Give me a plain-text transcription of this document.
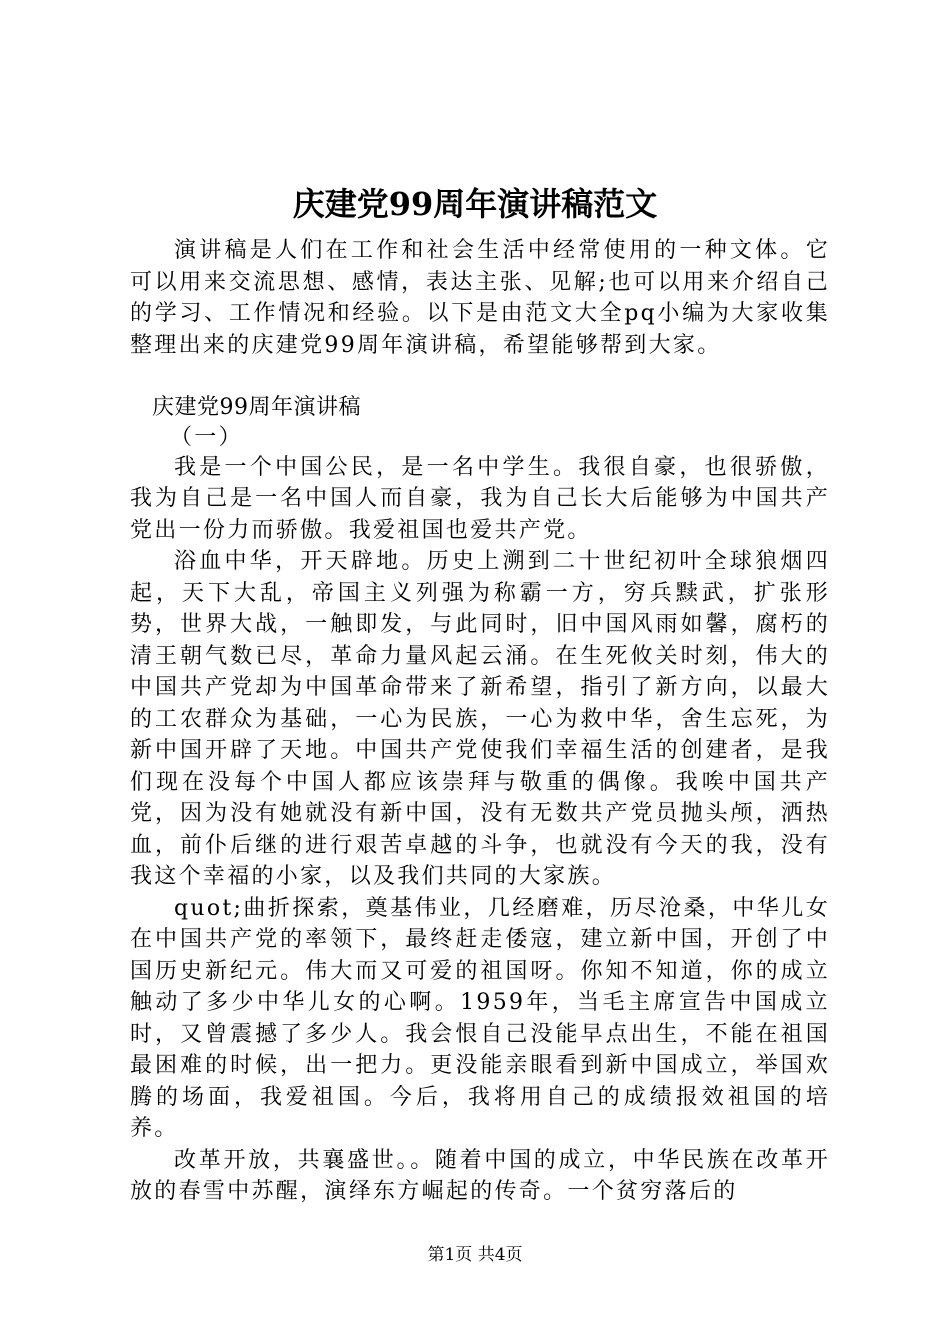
庆建党99周年演讲稿范文

演讲稿是人们在工作和社会生活中经常使用的一种文体。它可以用来交流思想、感情，表达主张、见解;也可以用来介绍自己的学习、工作情况和经验。以下是由范文大全pq小编为大家收集整理出来的庆建党99周年演讲稿，希望能够帮到大家。

庆建党99周年演讲稿

（一）

我是一个中国公民，是一名中学生。我很自豪，也很骄傲，我为自己是一名中国人而自豪，我为自己长大后能够为中国共产党出一份力而骄傲。我爱祖国也爱共产党。

浴血中华，开天辟地。历史上溯到二十世纪初叶全球狼烟四起，天下大乱，帝国主义列强为称霸一方，穷兵黩武，扩张形势，世界大战，一触即发，与此同时，旧中国风雨如馨，腐朽的清王朝气数已尽，革命力量风起云涌。在生死攸关时刻，伟大的中国共产党却为中国革命带来了新希望，指引了新方向，以最大的工农群众为基础，一心为民族，一心为救中华，舍生忘死，为新中国开辟了天地。中国共产党使我们幸福生活的创建者，是我们现在没每个中国人都应该崇拜与敬重的偶像。我唉中国共产党，因为没有她就没有新中国，没有无数共产党员抛头颅，洒热血，前仆后继的进行艰苦卓越的斗争，也就没有今天的我，没有我这个幸福的小家，以及我们共同的大家族。

quot;曲折探索，奠基伟业，几经磨难，历尽沧桑，中华儿女在中国共产党的率领下，最终赶走倭寇，建立新中国，开创了中国历史新纪元。伟大而又可爱的祖国呀。你知不知道，你的成立触动了多少中华儿女的心啊。1959年，当毛主席宣告中国成立时，又曾震撼了多少人。我会恨自己没能早点出生，不能在祖国最困难的时候，出一把力。更没能亲眼看到新中国成立，举国欢腾的场面，我爱祖国。今后，我将用自己的成绩报效祖国的培养。

改革开放，共襄盛世。。随着中国的成立，中华民族在改革开放的春雪中苏醒，演绎东方崛起的传奇。一个贫穷落后的

第1页 共4页
